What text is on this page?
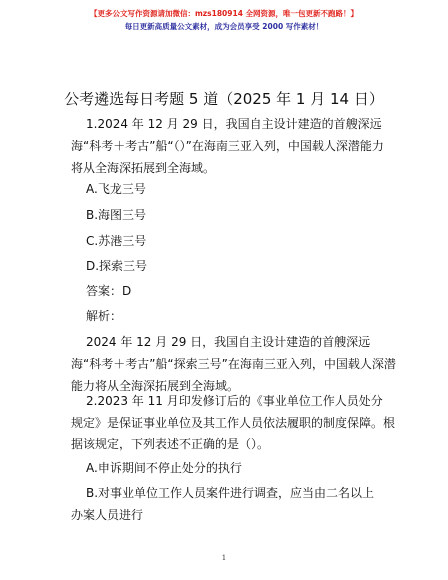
【更多公文写作资源请加微信：mzs180914 全网资源，唯一包更新不跑路！】
每日更新高质量公文素材，成为会员享受 2000 写作素材！
公考遴选每日考题 5 道（2025 年 1 月 14 日）
1.2024 年 12 月 29 日，我国自主设计建造的首艘深远
海“科考＋考古”船“（）”在海南三亚入列，中国载人深潜能力
将从全海深拓展到全海域。
A.飞龙三号
B.海图三号
C.苏港三号
D.探索三号
答案：D
解析：
2024 年 12 月 29 日，我国自主设计建造的首艘深远
海“科考＋考古”船“探索三号”在海南三亚入列，中国载人深潜
能力将从全海深拓展到全海域。
2.2023 年 11 月印发修订后的《事业单位工作人员处分
规定》是保证事业单位及其工作人员依法履职的制度保障。根
据该规定，下列表述不正确的是（）。
A.申诉期间不停止处分的执行
B.对事业单位工作人员案件进行调查，应当由二名以上
办案人员进行
1
